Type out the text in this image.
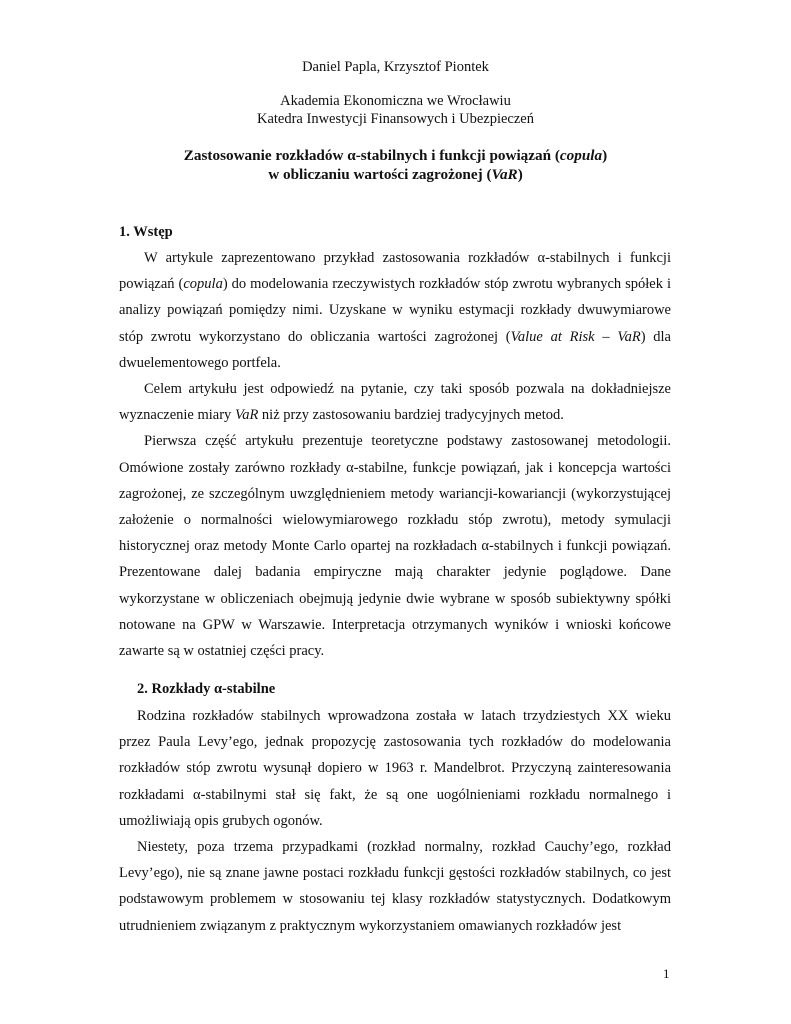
Daniel Papla, Krzysztof Piontek
Akademia Ekonomiczna we Wrocławiu
Katedra Inwestycji Finansowych i Ubezpieczeń
Zastosowanie rozkładów α-stabilnych i funkcji powiązań (copula)
w obliczaniu wartości zagrożonej (VaR)
1. Wstęp

W artykule zaprezentowano przykład zastosowania rozkładów α-stabilnych i funkcji powiązań (copula) do modelowania rzeczywistych rozkładów stóp zwrotu wybranych spółek i analizy powiązań pomiędzy nimi. Uzyskane w wyniku estymacji rozkłady dwuwymiarowe stóp zwrotu wykorzystano do obliczania wartości zagrożonej (Value at Risk – VaR) dla dwuelementowego portfela.

Celem artykułu jest odpowiedź na pytanie, czy taki sposób pozwala na dokładniejsze wyznaczenie miary VaR niż przy zastosowaniu bardziej tradycyjnych metod.

Pierwsza część artykułu prezentuje teoretyczne podstawy zastosowanej metodologii. Omówione zostały zarówno rozkłady α-stabilne, funkcje powiązań, jak i koncepcja wartości zagrożonej, ze szczególnym uwzględnieniem metody wariancji-kowariancji (wykorzystującej założenie o normalności wielowymiarowego rozkładu stóp zwrotu), metody symulacji historycznej oraz metody Monte Carlo opartej na rozkładach α-stabilnych i funkcji powiązań. Prezentowane dalej badania empiryczne mają charakter jedynie poglądowe. Dane wykorzystane w obliczeniach obejmują jedynie dwie wybrane w sposób subiektywny spółki notowane na GPW w Warszawie. Interpretacja otrzymanych wyników i wnioski końcowe zawarte są w ostatniej części pracy.

2. Rozkłady α-stabilne

Rodzina rozkładów stabilnych wprowadzona została w latach trzydziestych XX wieku przez Paula Levy’ego, jednak propozycję zastosowania tych rozkładów do modelowania rozkładów stóp zwrotu wysunął dopiero w 1963 r. Mandelbrot. Przyczyną zainteresowania rozkładami α-stabilnymi stał się fakt, że są one uogólnieniami rozkładu normalnego i umożliwiają opis grubych ogonów.

Niestety, poza trzema przypadkami (rozkład normalny, rozkład Cauchy’ego, rozkład Levy’ego), nie są znane jawne postaci rozkładu funkcji gęstości rozkładów stabilnych, co jest podstawowym problemem w stosowaniu tej klasy rozkładów statystycznych. Dodatkowym utrudnieniem związanym z praktycznym wykorzystaniem omawianych rozkładów jest

1
